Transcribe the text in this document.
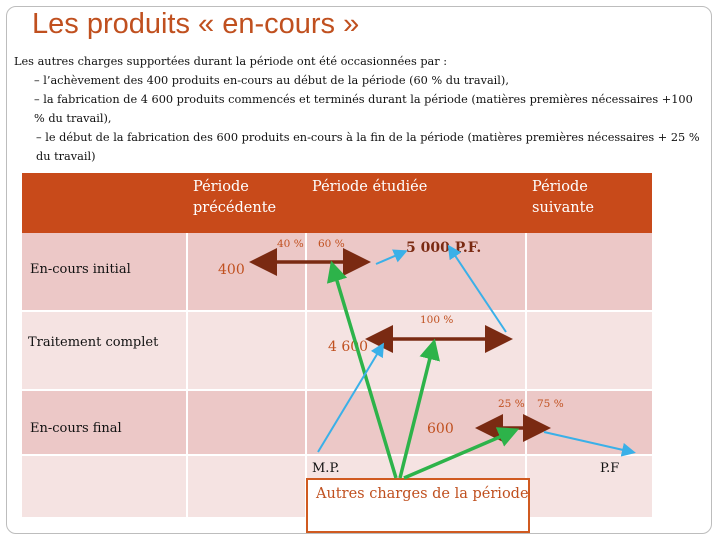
Les produits « en-cours »

Les autres charges supportées durant la période ont été occasionnées par :

– l’achèvement des 400 produits en-cours au début de la période (60 % du travail),

– la fabrication de 4 600 produits commencés et terminés durant la période (matières premières nécessaires +100 % du travail),

– le début de la fabrication des 600 produits en-cours à la fin de la période (matières premières nécessaires + 25 % du travail)

Période précédente
Période étudiée	Période suivante
En-cours initial
Traitement complet
En-cours final
40 % 60 %
400
5 000 P.F.
100 %
4 600
25 % 75 %
600
M.P.	P.F
Autres charges de la période
